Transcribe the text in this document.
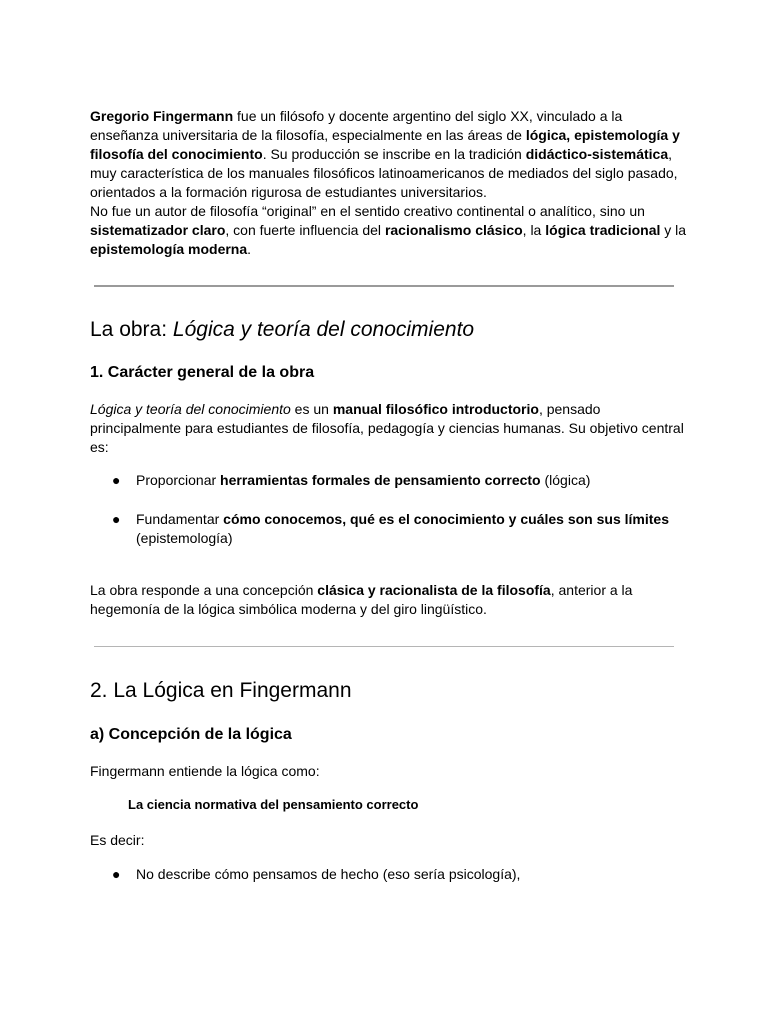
Gregorio Fingermann fue un filósofo y docente argentino del siglo XX, vinculado a la enseñanza universitaria de la filosofía, especialmente en las áreas de lógica, epistemología y filosofía del conocimiento. Su producción se inscribe en la tradición didáctico-sistemática, muy característica de los manuales filosóficos latinoamericanos de mediados del siglo pasado, orientados a la formación rigurosa de estudiantes universitarios.

No fue un autor de filosofía “original” en el sentido creativo continental o analítico, sino un sistematizador claro, con fuerte influencia del racionalismo clásico, la lógica tradicional y la epistemología moderna.

La obra: Lógica y teoría del conocimiento
1. Carácter general de la obra

Lógica y teoría del conocimiento es un manual filosófico introductorio, pensado principalmente para estudiantes de filosofía, pedagogía y ciencias humanas. Su objetivo central es:

● Proporcionar herramientas formales de pensamiento correcto (lógica)
● Fundamentar cómo conocemos, qué es el conocimiento y cuáles son sus límites (epistemología)

La obra responde a una concepción clásica y racionalista de la filosofía, anterior a la hegemonía de la lógica simbólica moderna y del giro lingüístico.

2. La Lógica en Fingermann
a) Concepción de la lógica

Fingermann entiende la lógica como:

La ciencia normativa del pensamiento correcto

Es decir:

● No describe cómo pensamos de hecho (eso sería psicología),
